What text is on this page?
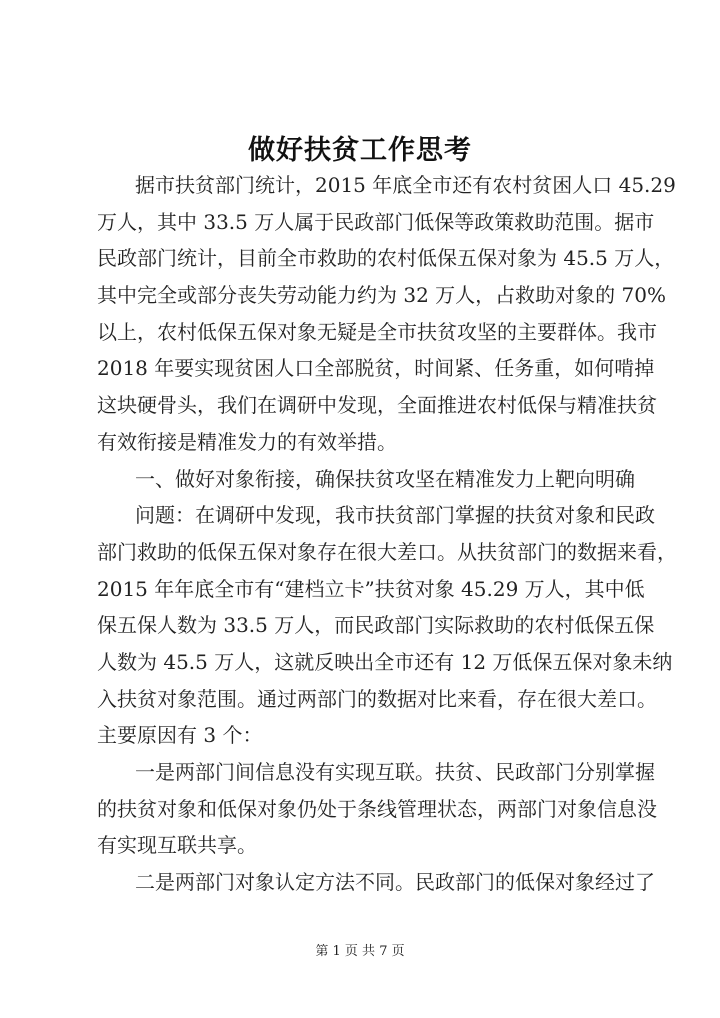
做好扶贫工作思考
据市扶贫部门统计，2015 年底全市还有农村贫困人口 45.29
万人，其中 33.5 万人属于民政部门低保等政策救助范围。据市
民政部门统计，目前全市救助的农村低保五保对象为 45.5 万人，
其中完全或部分丧失劳动能力约为 32 万人，占救助对象的 70%
以上，农村低保五保对象无疑是全市扶贫攻坚的主要群体。我市
2018 年要实现贫困人口全部脱贫，时间紧、任务重，如何啃掉
这块硬骨头，我们在调研中发现，全面推进农村低保与精准扶贫
有效衔接是精准发力的有效举措。
一、做好对象衔接，确保扶贫攻坚在精准发力上靶向明确
问题：在调研中发现，我市扶贫部门掌握的扶贫对象和民政
部门救助的低保五保对象存在很大差口。从扶贫部门的数据来看，
2015 年年底全市有“建档立卡”扶贫对象 45.29 万人，其中低
保五保人数为 33.5 万人，而民政部门实际救助的农村低保五保
人数为 45.5 万人，这就反映出全市还有 12 万低保五保对象未纳
入扶贫对象范围。通过两部门的数据对比来看，存在很大差口。
主要原因有 3 个：
一是两部门间信息没有实现互联。扶贫、民政部门分别掌握
的扶贫对象和低保对象仍处于条线管理状态，两部门对象信息没
有实现互联共享。
二是两部门对象认定方法不同。民政部门的低保对象经过了
第 1 页 共 7 页
